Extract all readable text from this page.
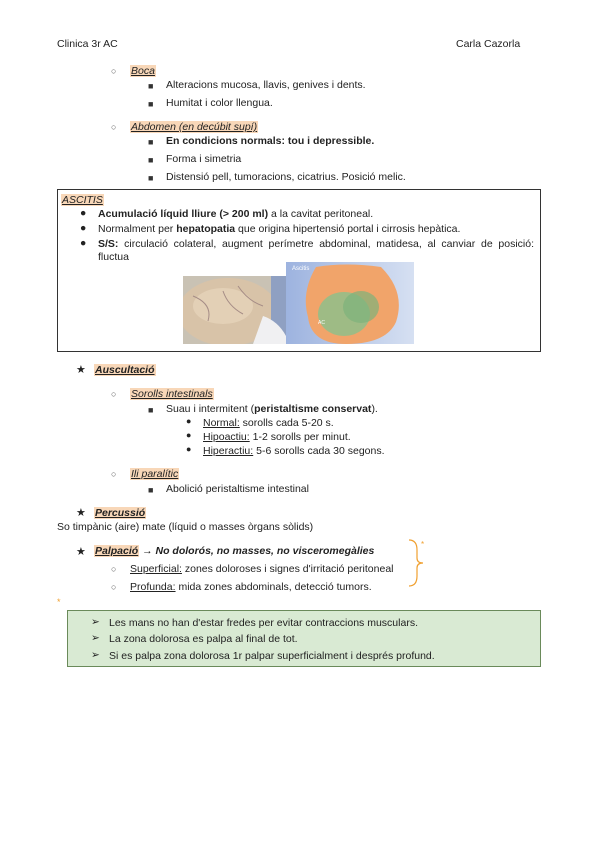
Clinica 3r AC	Carla Cazorla
○ Boca
■ Alteracions mucosa, llavis, genives i dents.
■ Humitat i color llengua.
○ Abdomen (en decúbit supí)
■ En condicions normals: tou i depressible.
■ Forma i simetria
■ Distensió pell, tumoracions, cicatrius. Posició melic.
ASCITIS
● Acumulació líquid lliure (> 200 ml) a la cavitat peritoneal.
● Normalment per hepatopatia que origina hipertensió portal i cirrosis hepàtica.
● S/S: circulació colateral, augment perímetre abdominal, matidesa, al canviar de posició: fluctua
Ascitis
AC
★ Auscultació
○ Sorolls intestinals
■ Suau i intermitent (peristaltisme conservat).
● Normal: sorolls cada 5-20 s.
● Hipoactiu: 1-2 sorolls per minut.
● Hiperactiu: 5-6 sorolls cada 30 segons.
○ Ili paralític
■ Abolició peristaltisme intestinal
★ Percussió
So timpànic (aire) mate (líquid o masses òrgans sòlids)
★ Palpació → No dolorós, no masses, no visceromegàlies
○ Superficial: zones doloroses i signes d'irritació peritoneal
○ Profunda: mida zones abdominals, detecció tumors.
*
*
➢ Les mans no han d'estar fredes per evitar contraccions musculars.
➢ La zona dolorosa es palpa al final de tot.
➢ Si es palpa zona dolorosa 1r palpar superficialment i després profund.
